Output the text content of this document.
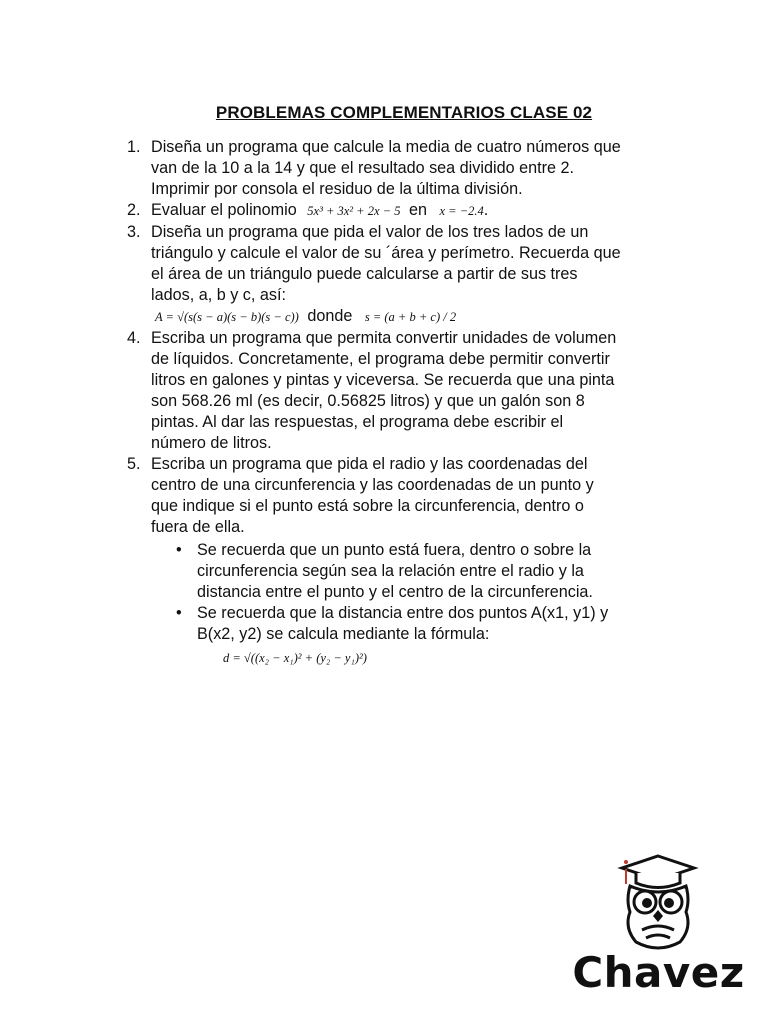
PROBLEMAS COMPLEMENTARIOS CLASE 02
1. Diseña un programa que calcule la media de cuatro números que
van de la 10 a la 14 y que el resultado sea dividido entre 2.
Imprimir por consola el residuo de la última división.
2. Evaluar el polinomio 5x³ + 3x² + 2x − 5 en x = −2.4.
3. Diseña un programa que pida el valor de los tres lados de un
triángulo y calcule el valor de su ´área y perímetro. Recuerda que
el área de un triángulo puede calcularse a partir de sus tres
lados, a, b y c, así:
A = √(s(s − a)(s − b)(s − c)) donde s = (a + b + c) / 2
4. Escriba un programa que permita convertir unidades de volumen
de líquidos. Concretamente, el programa debe permitir convertir
litros en galones y pintas y viceversa. Se recuerda que una pinta
son 568.26 ml (es decir, 0.56825 litros) y que un galón son 8
pintas. Al dar las respuestas, el programa debe escribir el
número de litros.
5. Escriba un programa que pida el radio y las coordenadas del
centro de una circunferencia y las coordenadas de un punto y
que indique si el punto está sobre la circunferencia, dentro o
fuera de ella.
• Se recuerda que un punto está fuera, dentro o sobre la
circunferencia según sea la relación entre el radio y la
distancia entre el punto y el centro de la circunferencia.
• Se recuerda que la distancia entre dos puntos A(x1, y1) y
B(x2, y2) se calcula mediante la fórmula:
d = √((x₂ − x₁)² + (y₂ − y₁)²)
Chavez
